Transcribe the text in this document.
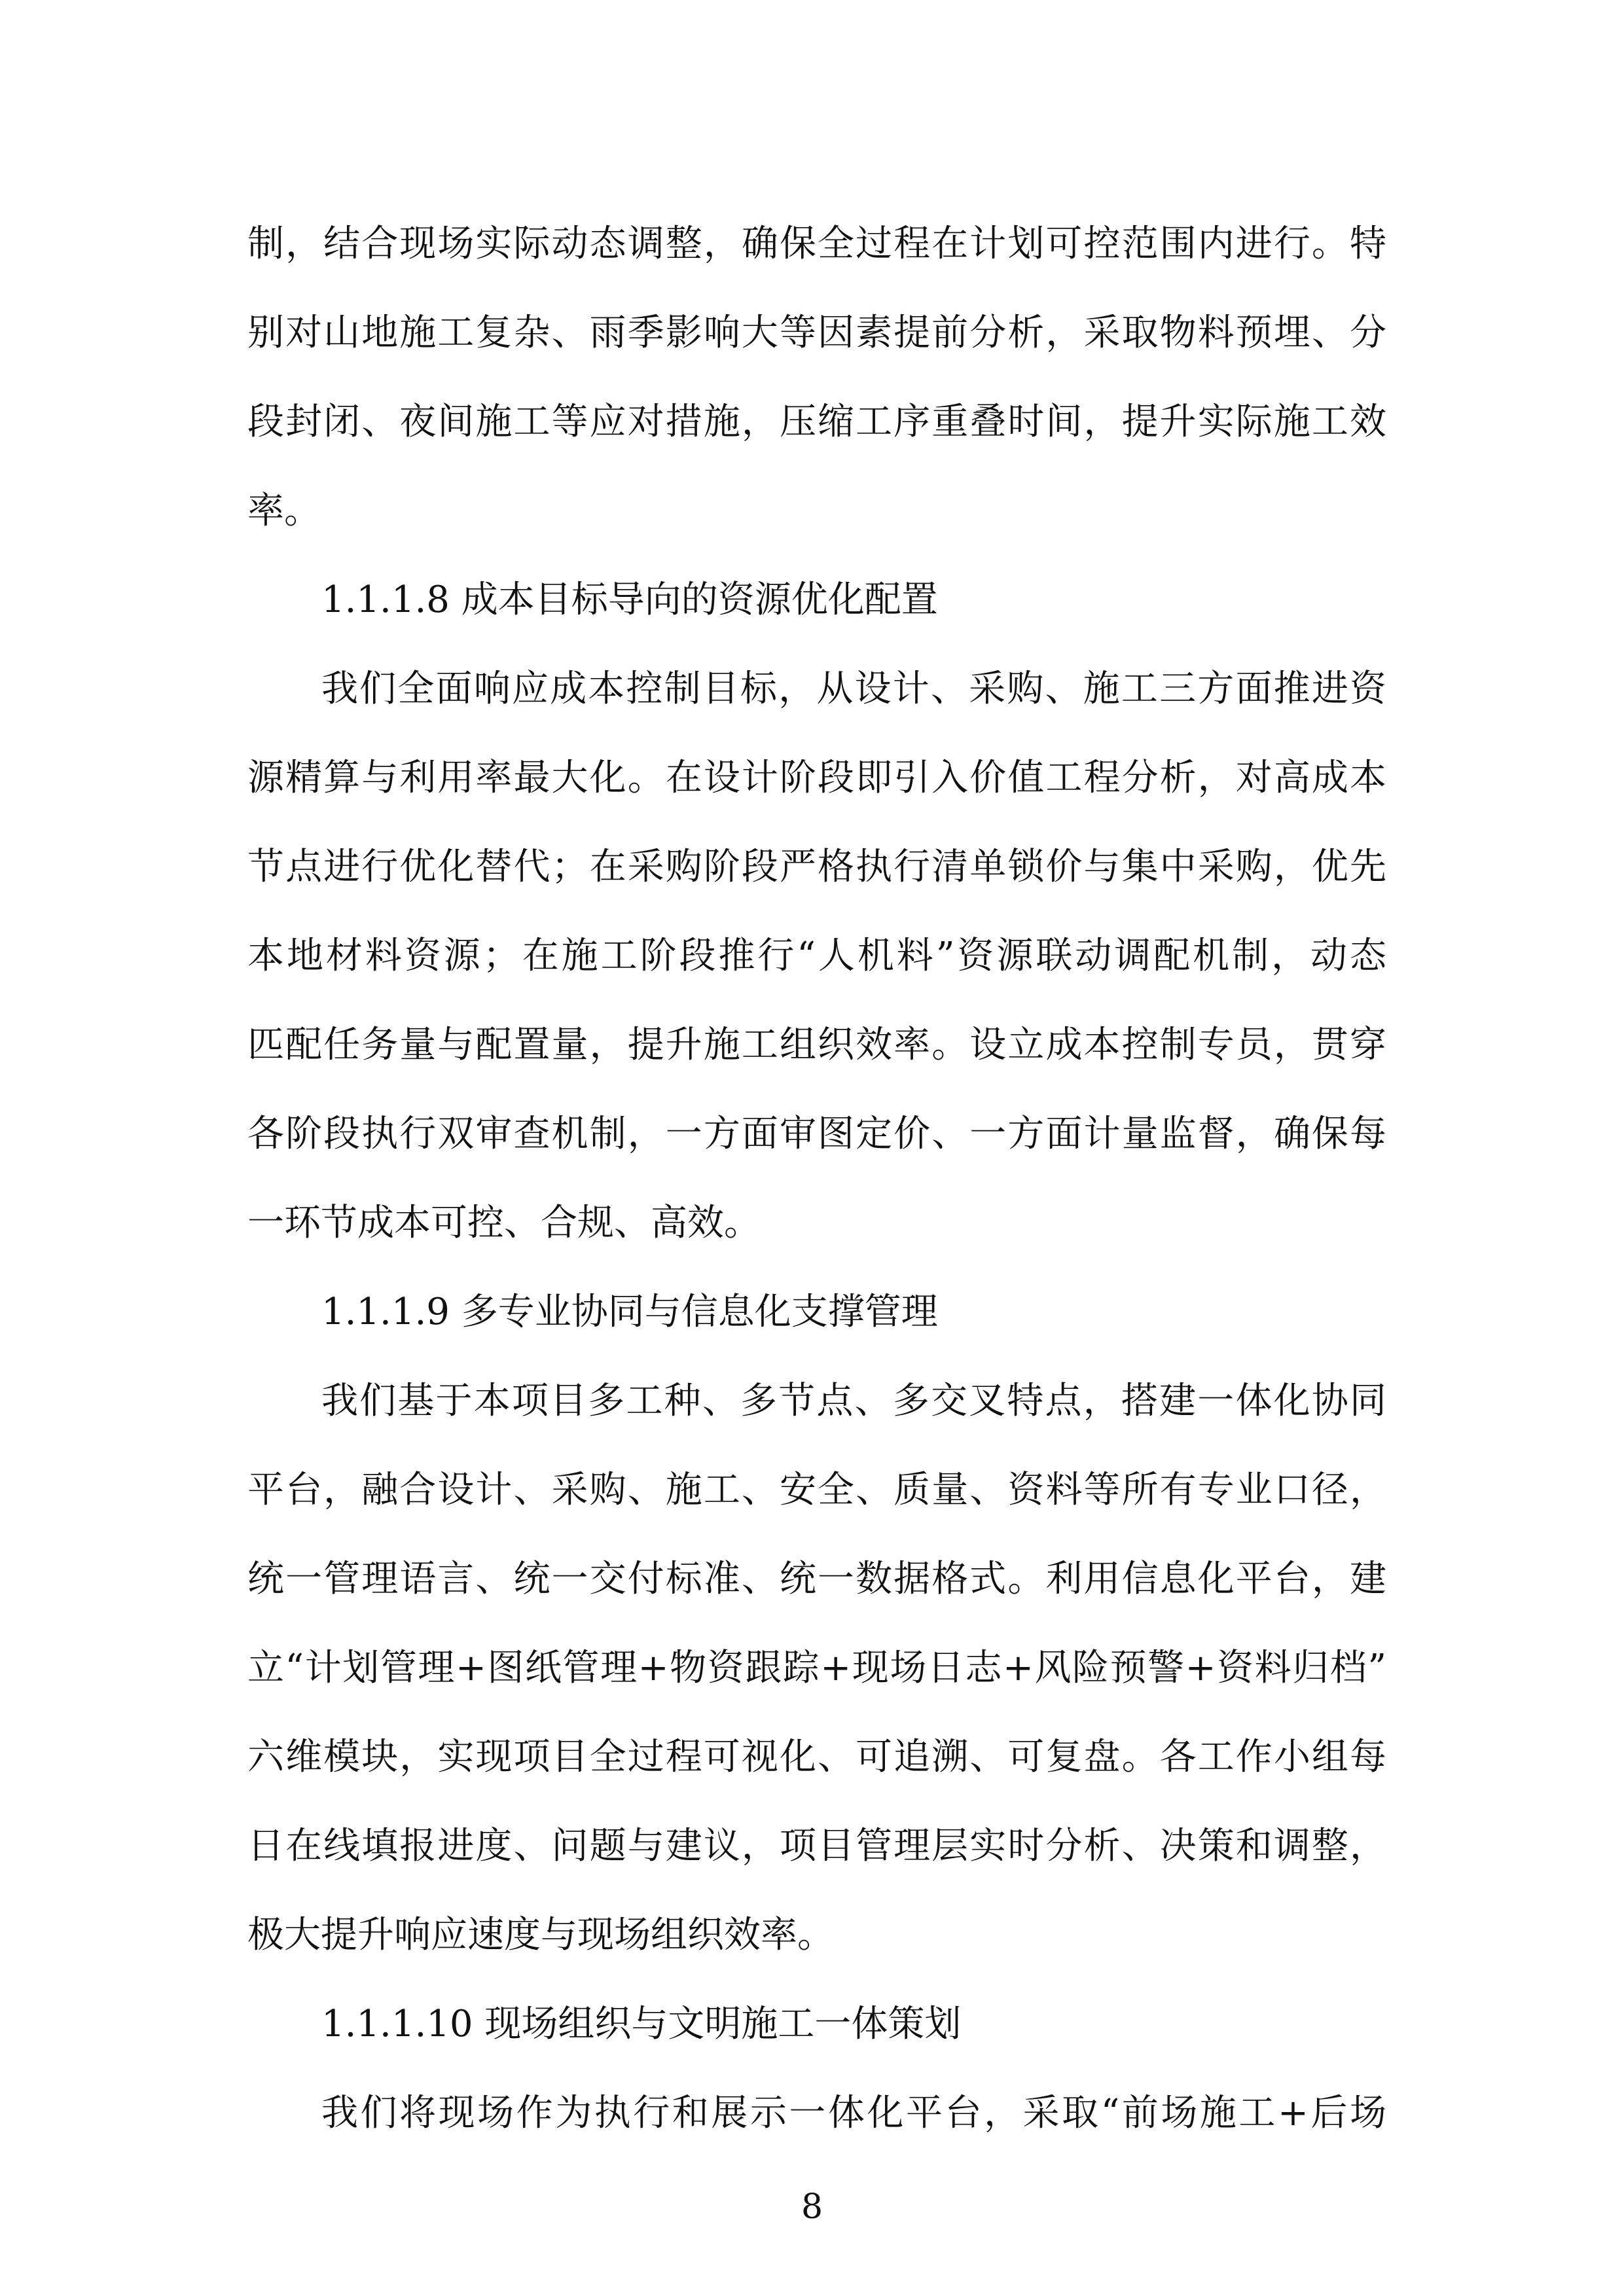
制，结合现场实际动态调整，确保全过程在计划可控范围内进行。特
别对山地施工复杂、雨季影响大等因素提前分析，采取物料预埋、分
段封闭、夜间施工等应对措施，压缩工序重叠时间，提升实际施工效
率。
1.1.1.8 成本目标导向的资源优化配置
我们全面响应成本控制目标，从设计、采购、施工三方面推进资
源精算与利用率最大化。在设计阶段即引入价值工程分析，对高成本
节点进行优化替代；在采购阶段严格执行清单锁价与集中采购，优先
本地材料资源；在施工阶段推行“人机料”资源联动调配机制，动态
匹配任务量与配置量，提升施工组织效率。设立成本控制专员，贯穿
各阶段执行双审查机制，一方面审图定价、一方面计量监督，确保每
一环节成本可控、合规、高效。
1.1.1.9 多专业协同与信息化支撑管理
我们基于本项目多工种、多节点、多交叉特点，搭建一体化协同
平台，融合设计、采购、施工、安全、质量、资料等所有专业口径，
统一管理语言、统一交付标准、统一数据格式。利用信息化平台，建
立“计划管理+图纸管理+物资跟踪+现场日志+风险预警+资料归档”
六维模块，实现项目全过程可视化、可追溯、可复盘。各工作小组每
日在线填报进度、问题与建议，项目管理层实时分析、决策和调整，
极大提升响应速度与现场组织效率。
1.1.1.10 现场组织与文明施工一体策划
我们将现场作为执行和展示一体化平台，采取“前场施工+后场
8
